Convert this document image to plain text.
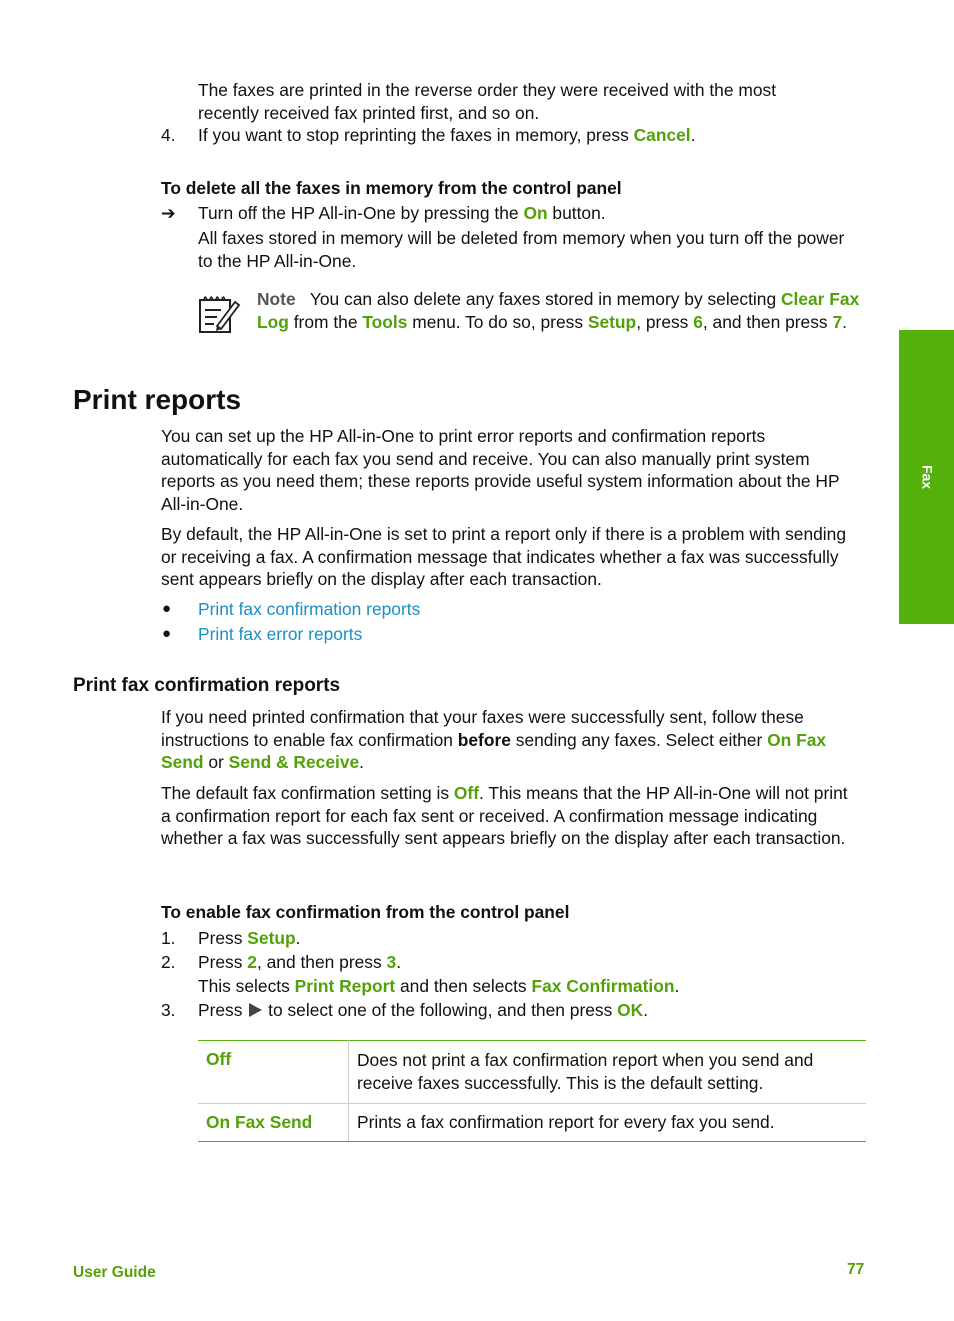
Fax

The faxes are printed in the reverse order they were received with the most recently received fax printed first, and so on.

4. If you want to stop reprinting the faxes in memory, press Cancel.

To delete all the faxes in memory from the control panel
➔ Turn off the HP All-in-One by pressing the On button.

All faxes stored in memory will be deleted from memory when you turn off the power to the HP All-in-One.

Note You can also delete any faxes stored in memory by selecting Clear Fax Log from the Tools menu. To do so, press Setup, press 6, and then press 7.

Print reports

You can set up the HP All-in-One to print error reports and confirmation reports automatically for each fax you send and receive. You can also manually print system reports as you need them; these reports provide useful system information about the HP All-in-One.

By default, the HP All-in-One is set to print a report only if there is a problem with sending or receiving a fax. A confirmation message that indicates whether a fax was successfully sent appears briefly on the display after each transaction.

● Print fax confirmation reports
● Print fax error reports
Print fax confirmation reports

If you need printed confirmation that your faxes were successfully sent, follow these instructions to enable fax confirmation before sending any faxes. Select either On Fax Send or Send & Receive.

The default fax confirmation setting is Off. This means that the HP All-in-One will not print a confirmation report for each fax sent or received. A confirmation message indicating whether a fax was successfully sent appears briefly on the display after each transaction.

To enable fax confirmation from the control panel
1. Press Setup.

2. Press 2, and then press 3.

This selects Print Report and then selects Fax Confirmation.

3. Press  to select one of the following, and then press OK.

Off	Does not print a fax confirmation report when you send and receive faxes successfully. This is the default setting.
On Fax Send	Prints a fax confirmation report for every fax you send.
User Guide	77
